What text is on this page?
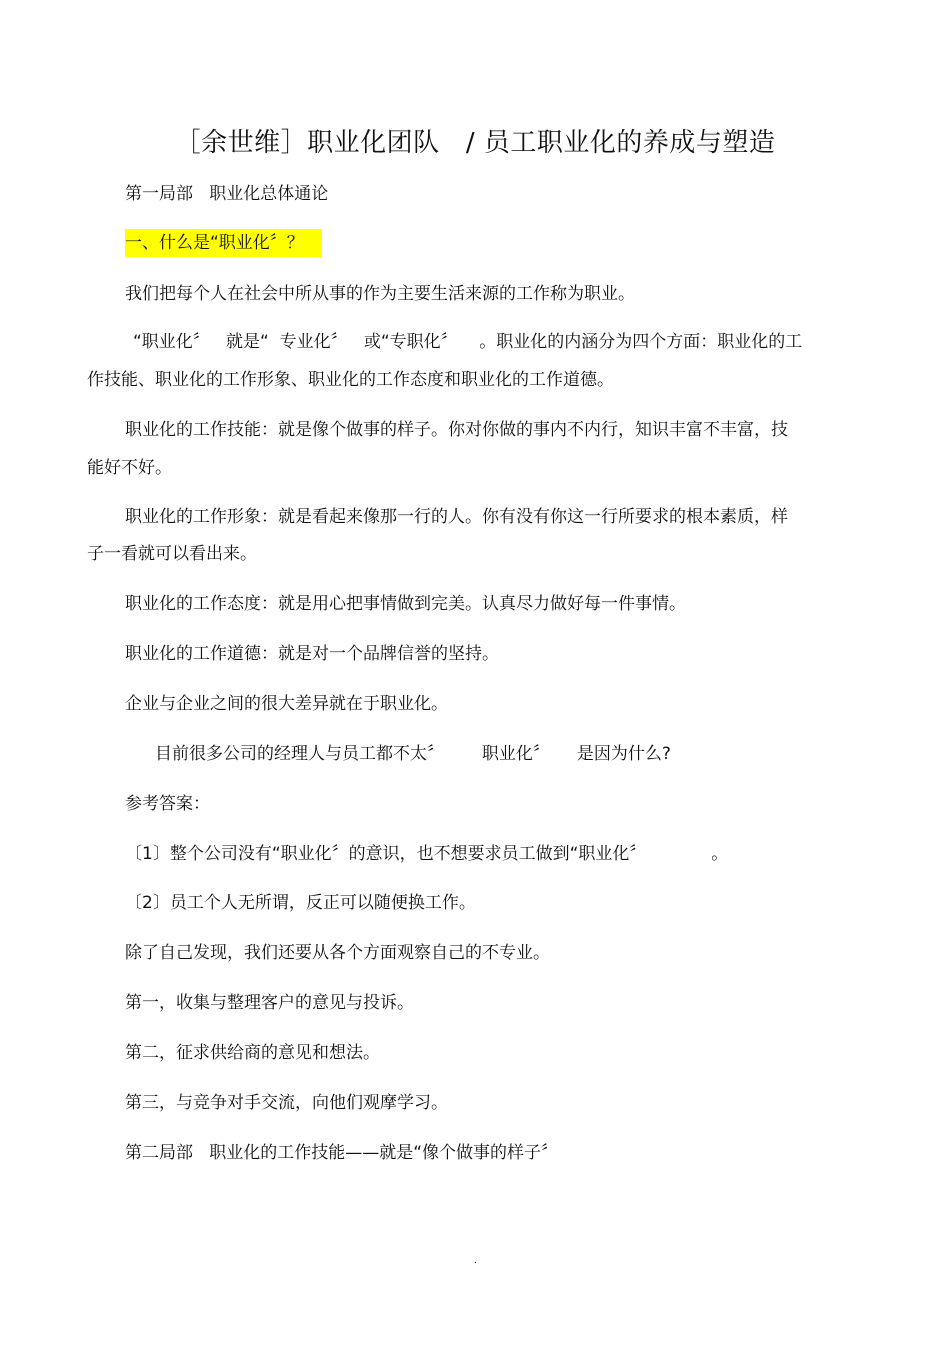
［余世维］职业化团队   / 员工职业化的养成与塑造
第一局部   职业化总体通论
一、什么是“职业化〞？
我们把每个人在社会中所从事的作为主要生活来源的工作称为职业。
“职业化〞   就是“  专业化〞   或“专职化〞    。职业化的内涵分为四个方面：职业化的工
作技能、职业化的工作形象、职业化的工作态度和职业化的工作道德。
职业化的工作技能：就是像个做事的样子。你对你做的事内不内行，知识丰富不丰富，技
能好不好。
职业化的工作形象：就是看起来像那一行的人。你有没有你这一行所要求的根本素质，样
子一看就可以看出来。
职业化的工作态度：就是用心把事情做到完美。认真尽力做好每一件事情。
职业化的工作道德：就是对一个品牌信誉的坚持。
企业与企业之间的很大差异就在于职业化。
目前很多公司的经理人与员工都不太〞       职业化〞     是因为什么?
参考答案：
〔1〕整个公司没有“职业化〞的意识，也不想要求员工做到“职业化〞            。
〔2〕员工个人无所谓，反正可以随便换工作。
除了自己发现，我们还要从各个方面观察自己的不专业。
第一，收集与整理客户的意见与投诉。
第二，征求供给商的意见和想法。
第三，与竞争对手交流，向他们观摩学习。
第二局部   职业化的工作技能——就是“像个做事的样子〞
.
